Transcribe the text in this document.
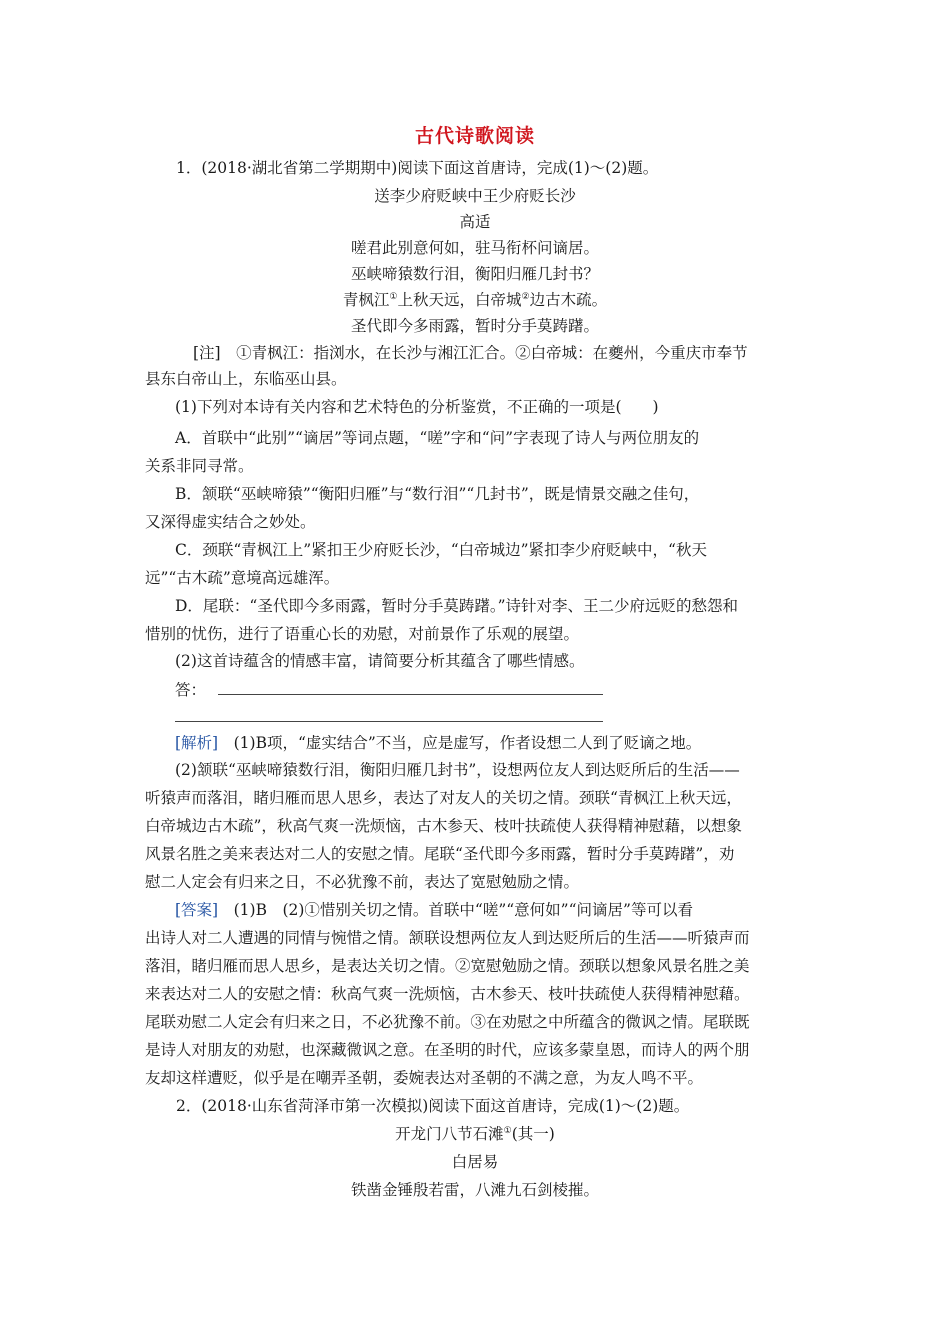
古代诗歌阅读
1．(2018·湖北省第二学期期中)阅读下面这首唐诗，完成(1)～(2)题。
送李少府贬峡中王少府贬长沙
高适
嗟君此别意何如，驻马衔杯问谪居。
巫峡啼猿数行泪，衡阳归雁几封书？
青枫江①上秋天远，白帝城②边古木疏。
圣代即今多雨露，暂时分手莫踌躇。
[注]　①青枫江：指浏水，在长沙与湘江汇合。②白帝城：在夔州，今重庆市奉节
县东白帝山上，东临巫山县。
(1)下列对本诗有关内容和艺术特色的分析鉴赏，不正确的一项是(　　)
A．首联中“此别”“谪居”等词点题，“嗟”字和“问”字表现了诗人与两位朋友的
关系非同寻常。
B．颔联“巫峡啼猿”“衡阳归雁”与“数行泪”“几封书”，既是情景交融之佳句，
又深得虚实结合之妙处。
C．颈联“青枫江上”紧扣王少府贬长沙，“白帝城边”紧扣李少府贬峡中，“秋天
远”“古木疏”意境高远雄浑。
D．尾联：“圣代即今多雨露，暂时分手莫踌躇。”诗针对李、王二少府远贬的愁怨和
惜别的忧伤，进行了语重心长的劝慰，对前景作了乐观的展望。
(2)这首诗蕴含的情感丰富，请简要分析其蕴含了哪些情感。
答：
[解析]　(1)B项，“虚实结合”不当，应是虚写，作者设想二人到了贬谪之地。
(2)颔联“巫峡啼猿数行泪，衡阳归雁几封书”，设想两位友人到达贬所后的生活——
听猿声而落泪，睹归雁而思人思乡，表达了对友人的关切之情。颈联“青枫江上秋天远，
白帝城边古木疏”，秋高气爽一洗烦恼，古木参天、枝叶扶疏使人获得精神慰藉，以想象
风景名胜之美来表达对二人的安慰之情。尾联“圣代即今多雨露，暂时分手莫踌躇”，劝
慰二人定会有归来之日，不必犹豫不前，表达了宽慰勉励之情。
[答案]　(1)B　(2)①惜别关切之情。首联中“嗟”“意何如”“问谪居”等可以看
出诗人对二人遭遇的同情与惋惜之情。颔联设想两位友人到达贬所后的生活——听猿声而
落泪，睹归雁而思人思乡，是表达关切之情。②宽慰勉励之情。颈联以想象风景名胜之美
来表达对二人的安慰之情：秋高气爽一洗烦恼，古木参天、枝叶扶疏使人获得精神慰藉。
尾联劝慰二人定会有归来之日，不必犹豫不前。③在劝慰之中所蕴含的微讽之情。尾联既
是诗人对朋友的劝慰，也深藏微讽之意。在圣明的时代，应该多蒙皇恩，而诗人的两个朋
友却这样遭贬，似乎是在嘲弄圣朝，委婉表达对圣朝的不满之意，为友人鸣不平。
2．(2018·山东省菏泽市第一次模拟)阅读下面这首唐诗，完成(1)～(2)题。
开龙门八节石滩①(其一)
白居易
铁凿金锤殷若雷，八滩九石剑棱摧。
